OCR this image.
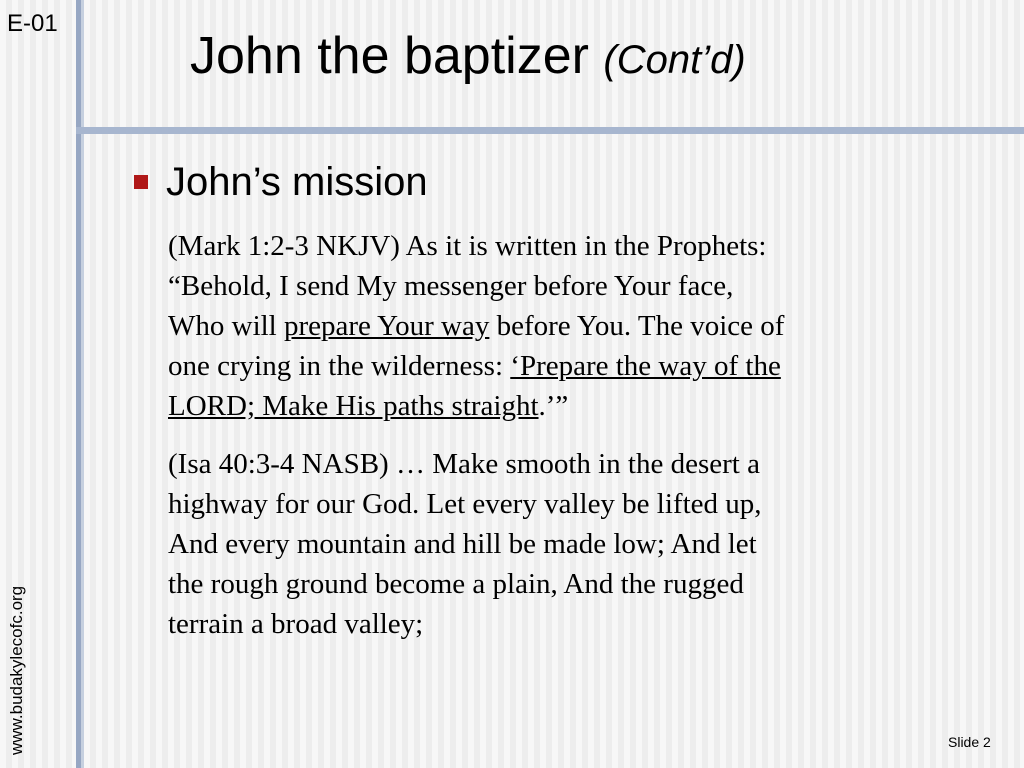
E-01
www.budakylecofc.org
John the baptizer (Cont’d)
John’s mission

(Mark 1:2-3 NKJV) As it is written in the Prophets:
“Behold, I send My messenger before Your face,
Who will prepare Your way before You. The voice of
one crying in the wilderness: ‘Prepare the way of the
LORD; Make His paths straight.’”

(Isa 40:3-4 NASB) … Make smooth in the desert a
highway for our God. Let every valley be lifted up,
And every mountain and hill be made low; And let
the rough ground become a plain, And the rugged
terrain a broad valley;

Slide 2
